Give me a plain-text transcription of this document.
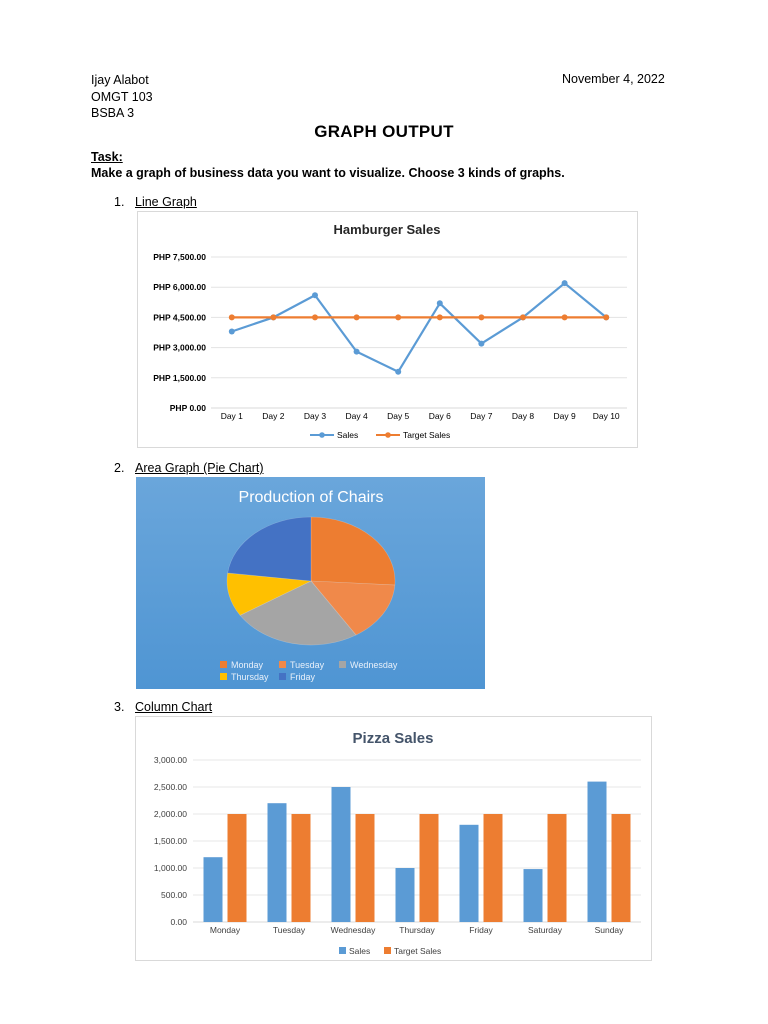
Ijay Alabot
OMGT 103
BSBA 3
November 4, 2022
GRAPH OUTPUT
Task:
Make a graph of business data you want to visualize. Choose 3 kinds of graphs.
1. Line Graph
Hamburger Sales
PHP 0.00
PHP 1,500.00
PHP 3,000.00
PHP 4,500.00
PHP 6,000.00
PHP 7,500.00
Day 1 Day 2 Day 3 Day 4 Day 5 Day 6 Day 7 Day 8 Day 9 Day 10
Sales	Target Sales
2. Area Graph (Pie Chart)
Production of Chairs
Monday	Tuesday	Wednesday
Thursday Friday
3. Column Chart
Pizza Sales
0.00
500.00
1,000.00
1,500.00
2,000.00
2,500.00
3,000.00
Monday	Tuesday	Wednesday	Thursday	Friday	Saturday	Sunday
Sales	Target Sales
